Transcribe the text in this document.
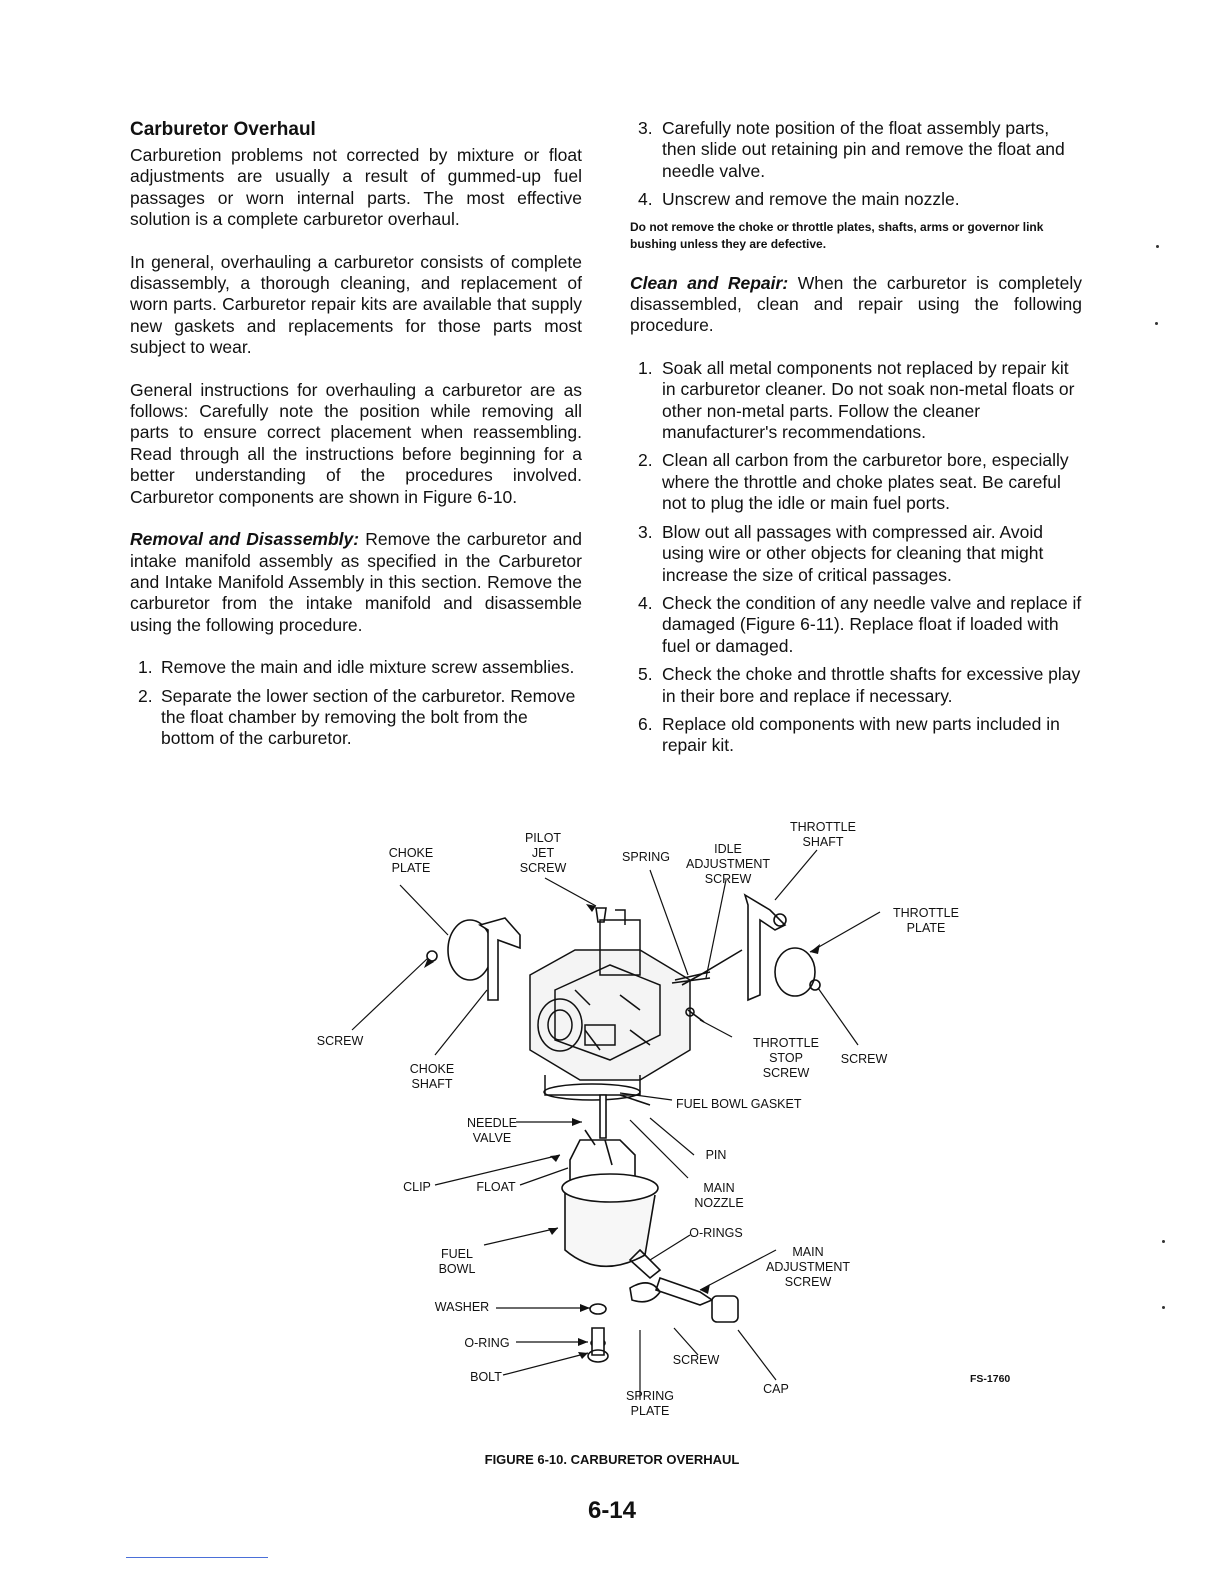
Carburetor Overhaul

Carburetion problems not corrected by mixture or float adjustments are usually a result of gummed-up fuel passages or worn internal parts. The most effective solution is a complete carburetor overhaul.

In general, overhauling a carburetor consists of complete disassembly, a thorough cleaning, and replacement of worn parts. Carburetor repair kits are available that supply new gaskets and replacements for those parts most subject to wear.

General instructions for overhauling a carburetor are as follows: Carefully note the position while removing all parts to ensure correct placement when reassembling. Read through all the instructions before beginning for a better understanding of the procedures involved. Carburetor components are shown in Figure 6-10.

Removal and Disassembly: Remove the carburetor and intake manifold assembly as specified in the Carburetor and Intake Manifold Assembly in this section. Remove the carburetor from the intake manifold and disassemble using the following procedure.

1. Remove the main and idle mixture screw assemblies.
2. Separate the lower section of the carburetor. Remove the float chamber by removing the bolt from the bottom of the carburetor.
3. Carefully note position of the float assembly parts, then slide out retaining pin and remove the float and needle valve.
4. Unscrew and remove the main nozzle.
Do not remove the choke or throttle plates, shafts, arms or governor link bushing unless they are defective.

Clean and Repair: When the carburetor is completely disassembled, clean and repair using the following procedure.

1. Soak all metal components not replaced by repair kit in carburetor cleaner. Do not soak non-metal floats or other non-metal parts. Follow the cleaner manufacturer's recommendations.
2. Clean all carbon from the carburetor bore, especially where the throttle and choke plates seat. Be careful not to plug the idle or main fuel ports.
3. Blow out all passages with compressed air. Avoid using wire or other objects for cleaning that might increase the size of critical passages.
4. Check the condition of any needle valve and replace if damaged (Figure 6-11). Replace float if loaded with fuel or damaged.
5. Check the choke and throttle shafts for excessive play in their bore and replace if necessary.
6. Replace old components with new parts included in repair kit.
CHOKE
PLATE
PILOT
JET
SCREW
SPRING
IDLE
ADJUSTMENT
SCREW
THROTTLE
SHAFT
THROTTLE
PLATE
SCREW
CHOKE
SHAFT
THROTTLE
STOP
SCREW
SCREW
FUEL BOWL GASKET
NEEDLE
VALVE
PIN
CLIP	FLOAT	MAIN
NOZZLE
O-RINGS
FUEL
BOWL
MAIN
ADJUSTMENT
SCREW
WASHER
O-RING
BOLT
SCREW
CAP
SPRING
PLATE
FS-1760
FIGURE 6-10. CARBURETOR OVERHAUL
6-14
